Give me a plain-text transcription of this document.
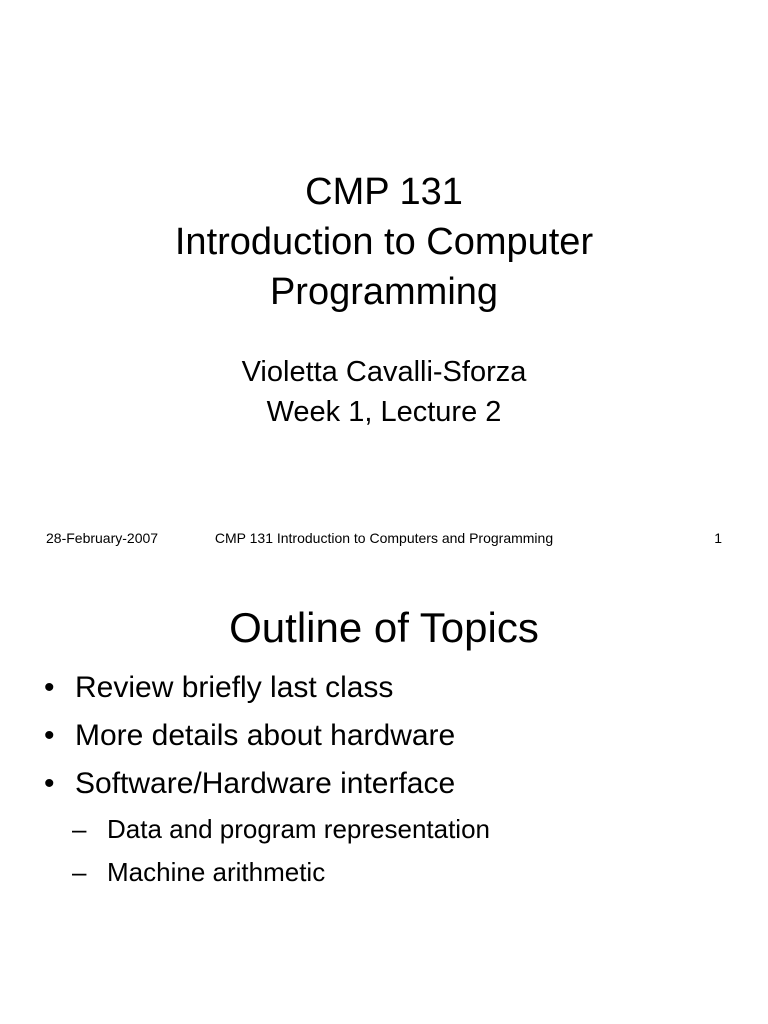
CMP 131
Introduction to Computer
Programming
Violetta Cavalli-Sforza
Week 1, Lecture 2
CMP 131 Introduction to Computers and Programming
28-February-2007	1
Outline of Topics
• Review briefly last class
• More details about hardware
• Software/Hardware interface
– Data and program representation
– Machine arithmetic
